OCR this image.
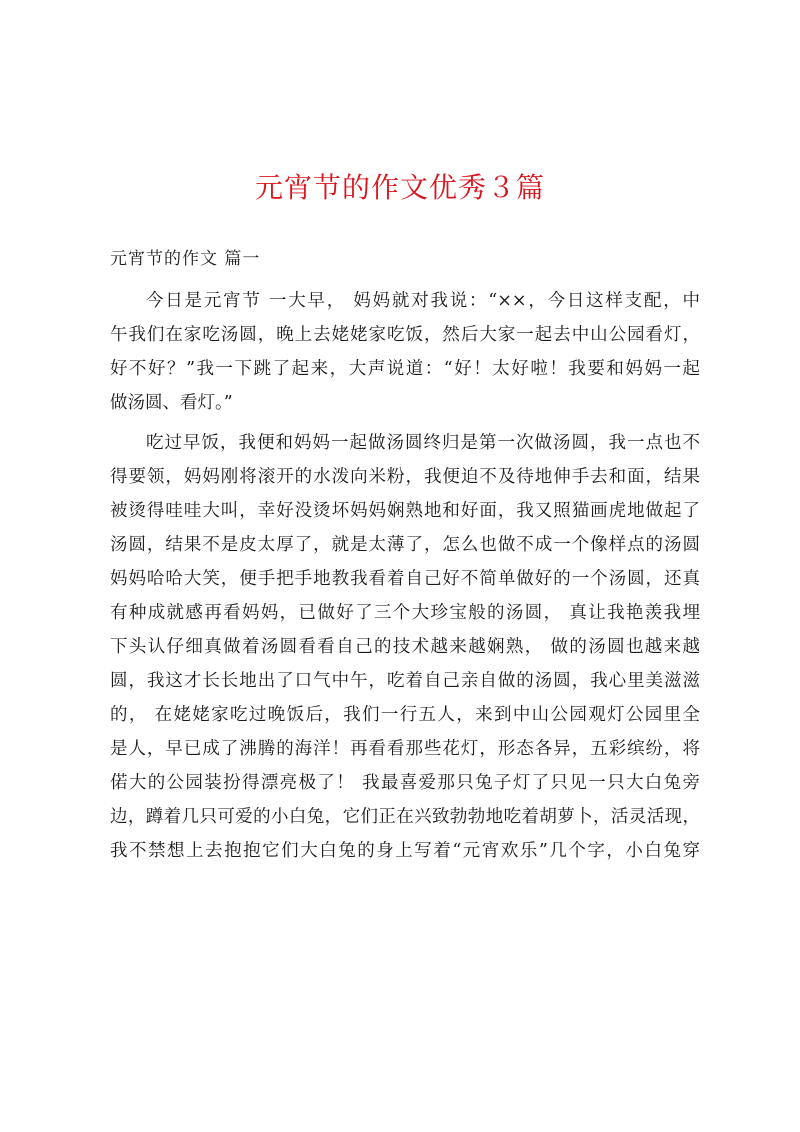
元宵节的作文优秀３篇
元宵节的作文 篇一
今日是元宵节 一大早， 妈妈就对我说：“××，今日这样支配，中
午我们在家吃汤圆，晚上去姥姥家吃饭，然后大家一起去中山公园看灯，
好不好？”我一下跳了起来，大声说道：“好！太好啦！我要和妈妈一起
做汤圆、看灯。”
吃过早饭，我便和妈妈一起做汤圆终归是第一次做汤圆，我一点也不
得要领，妈妈刚将滚开的水泼向米粉，我便迫不及待地伸手去和面，结果
被烫得哇哇大叫，幸好没烫坏妈妈娴熟地和好面，我又照猫画虎地做起了
汤圆，结果不是皮太厚了，就是太薄了，怎么也做不成一个像样点的汤圆
妈妈哈哈大笑，便手把手地教我看着自己好不简单做好的一个汤圆，还真
有种成就感再看妈妈，已做好了三个大珍宝般的汤圆， 真让我艳羡我埋
下头认仔细真做着汤圆看看自己的技术越来越娴熟， 做的汤圆也越来越
圆，我这才长长地出了口气中午，吃着自己亲自做的汤圆，我心里美滋滋
的， 在姥姥家吃过晚饭后，我们一行五人，来到中山公园观灯公园里全
是人，早已成了沸腾的海洋！再看看那些花灯，形态各异，五彩缤纷，将
偌大的公园装扮得漂亮极了！ 我最喜爱那只兔子灯了只见一只大白兔旁
边，蹲着几只可爱的小白兔，它们正在兴致勃勃地吃着胡萝卜，活灵活现，
我不禁想上去抱抱它们大白兔的身上写着“元宵欢乐”几个字，小白兔穿
